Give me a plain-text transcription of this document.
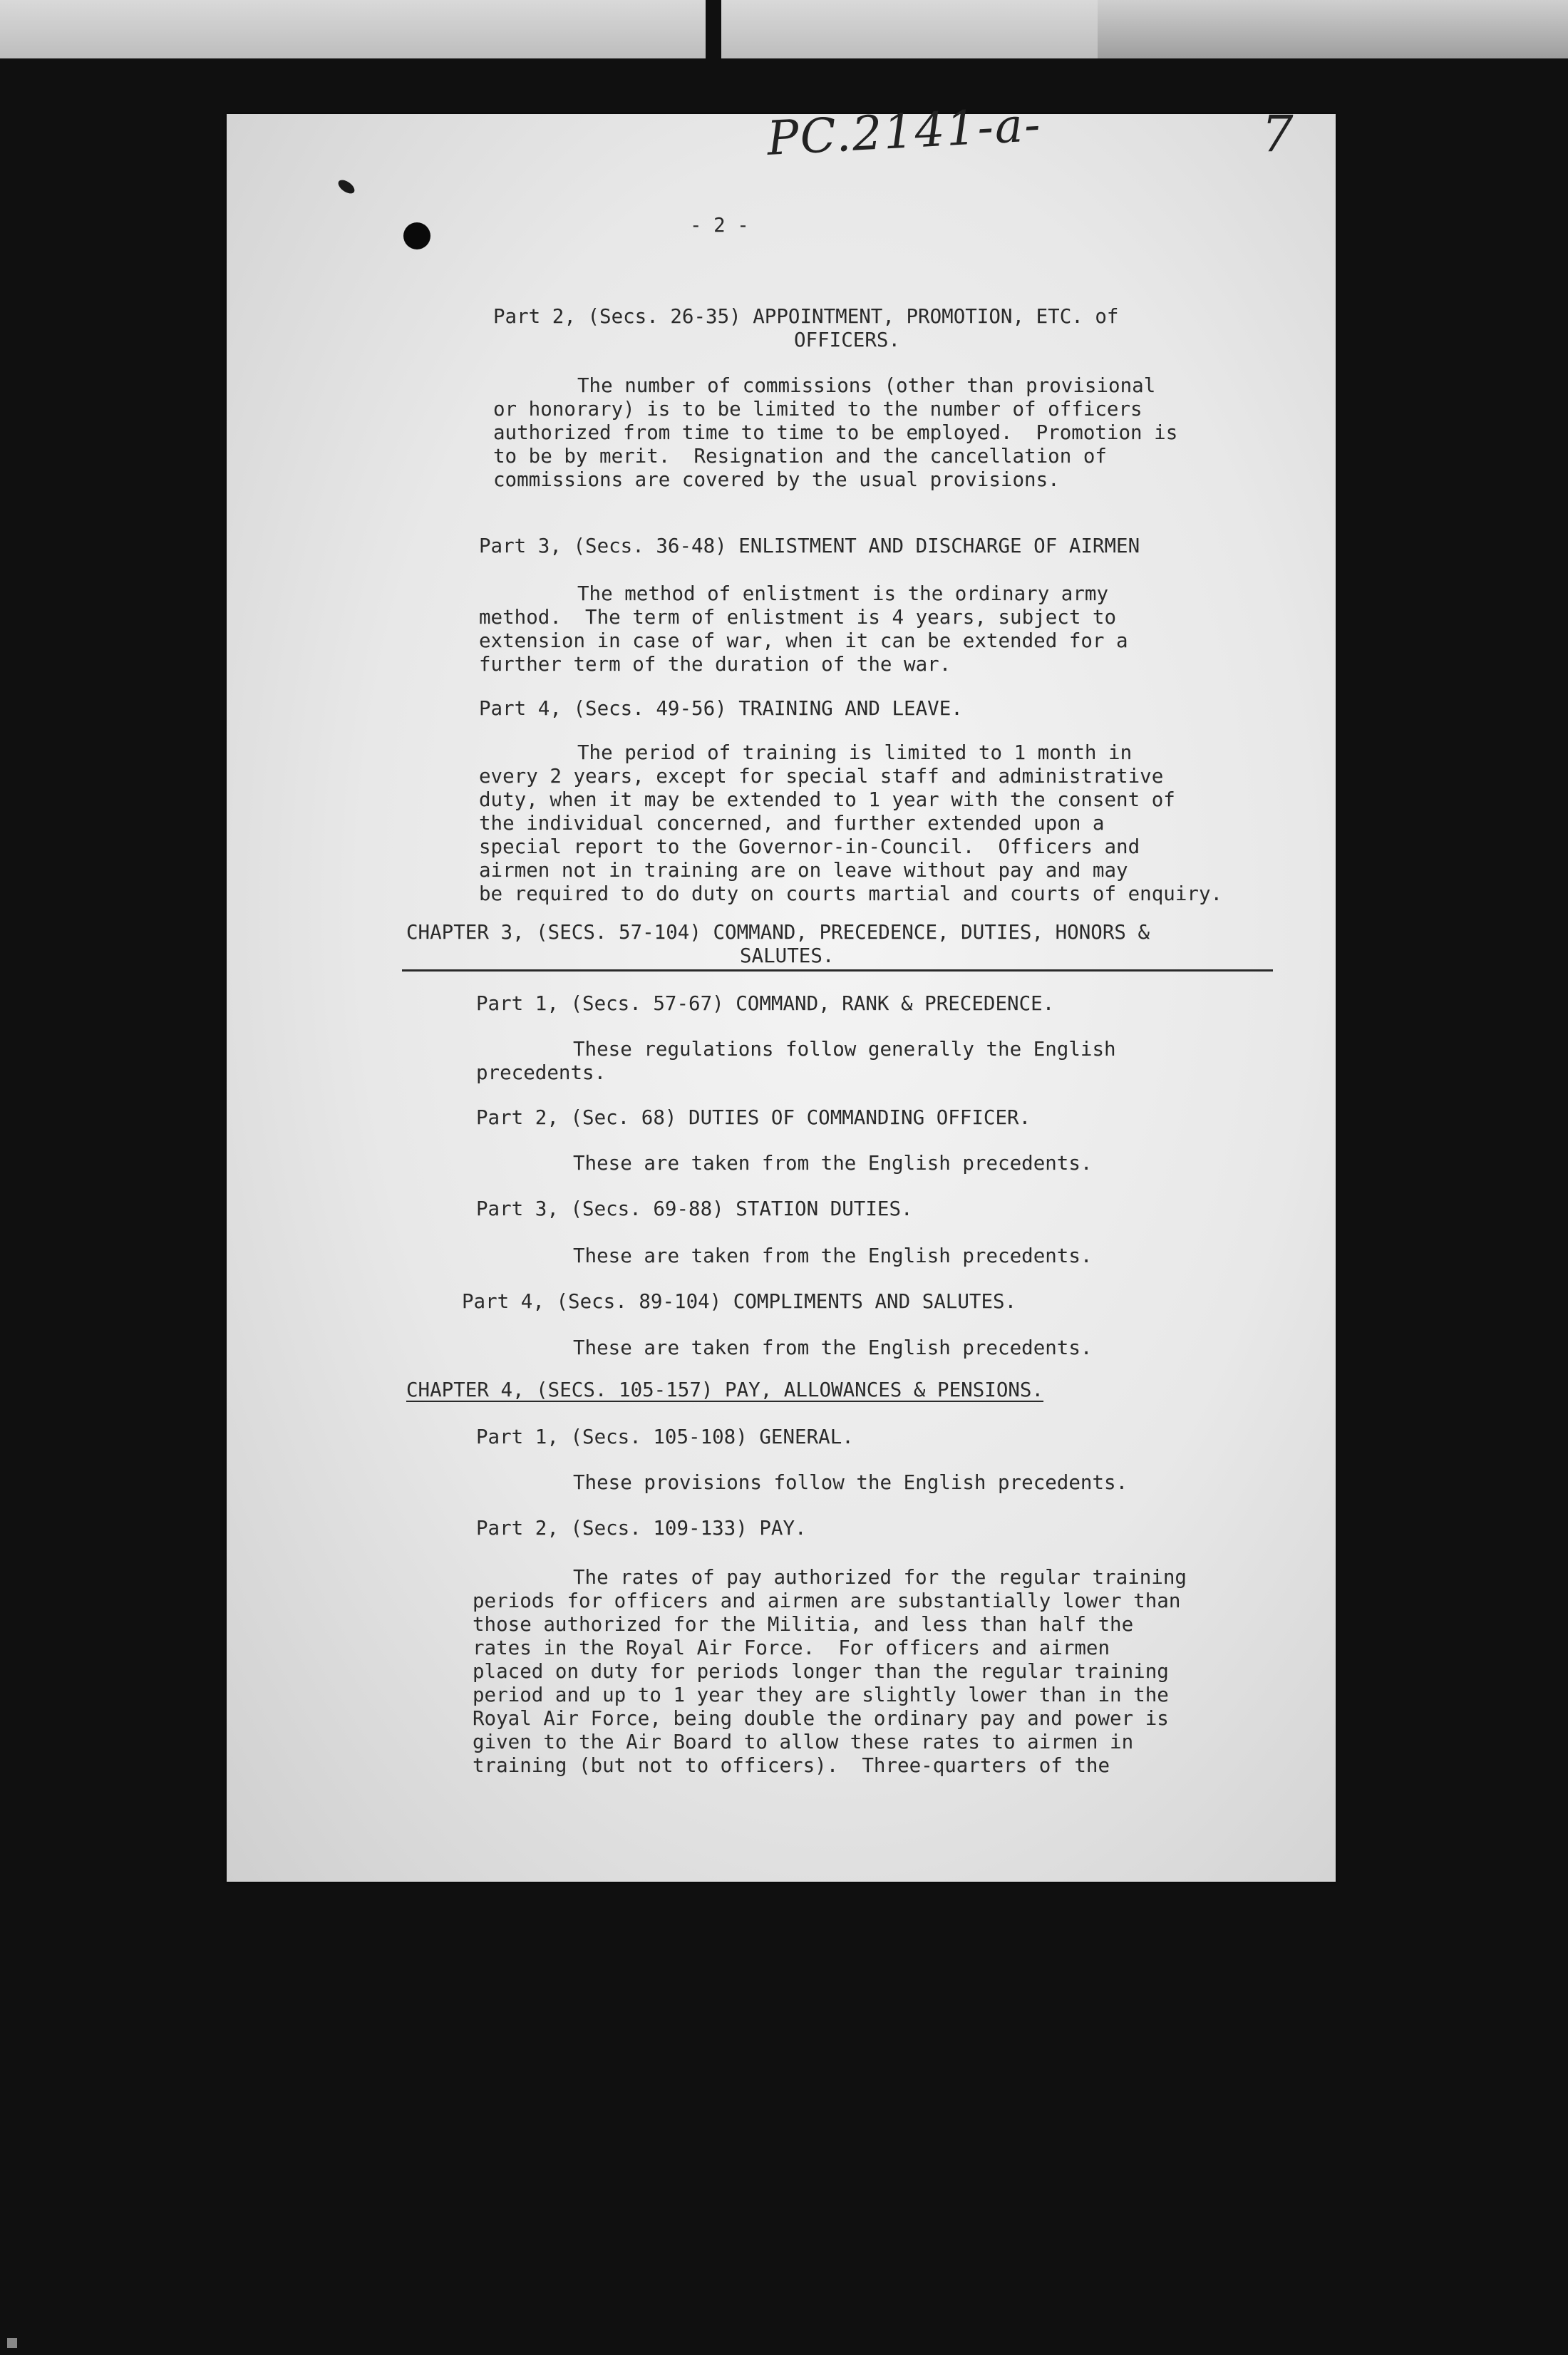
PC.2141-a-	7
- 2 -
Part 2, (Secs. 26-35) APPOINTMENT, PROMOTION, ETC. of
OFFICERS.
The number of commissions (other than provisional
or honorary) is to be limited to the number of officers
authorized from time to time to be employed.  Promotion is
to be by merit.  Resignation and the cancellation of
commissions are covered by the usual provisions.
Part 3, (Secs. 36-48) ENLISTMENT AND DISCHARGE OF AIRMEN
The method of enlistment is the ordinary army
method.  The term of enlistment is 4 years, subject to
extension in case of war, when it can be extended for a
further term of the duration of the war.
Part 4, (Secs. 49-56) TRAINING AND LEAVE.
The period of training is limited to 1 month in
every 2 years, except for special staff and administrative
duty, when it may be extended to 1 year with the consent of
the individual concerned, and further extended upon a
special report to the Governor-in-Council.  Officers and
airmen not in training are on leave without pay and may
be required to do duty on courts martial and courts of enquiry.
CHAPTER 3, (SECS. 57-104) COMMAND, PRECEDENCE, DUTIES, HONORS &
SALUTES.
Part 1, (Secs. 57-67) COMMAND, RANK & PRECEDENCE.
These regulations follow generally the English
precedents.
Part 2, (Sec. 68) DUTIES OF COMMANDING OFFICER.
These are taken from the English precedents.
Part 3, (Secs. 69-88) STATION DUTIES.
These are taken from the English precedents.
Part 4, (Secs. 89-104) COMPLIMENTS AND SALUTES.
These are taken from the English precedents.
CHAPTER 4, (SECS. 105-157) PAY, ALLOWANCES & PENSIONS.
Part 1, (Secs. 105-108) GENERAL.
These provisions follow the English precedents.
Part 2, (Secs. 109-133) PAY.
The rates of pay authorized for the regular training
periods for officers and airmen are substantially lower than
those authorized for the Militia, and less than half the
rates in the Royal Air Force.  For officers and airmen
placed on duty for periods longer than the regular training
period and up to 1 year they are slightly lower than in the
Royal Air Force, being double the ordinary pay and power is
given to the Air Board to allow these rates to airmen in
training (but not to officers).  Three-quarters of the
